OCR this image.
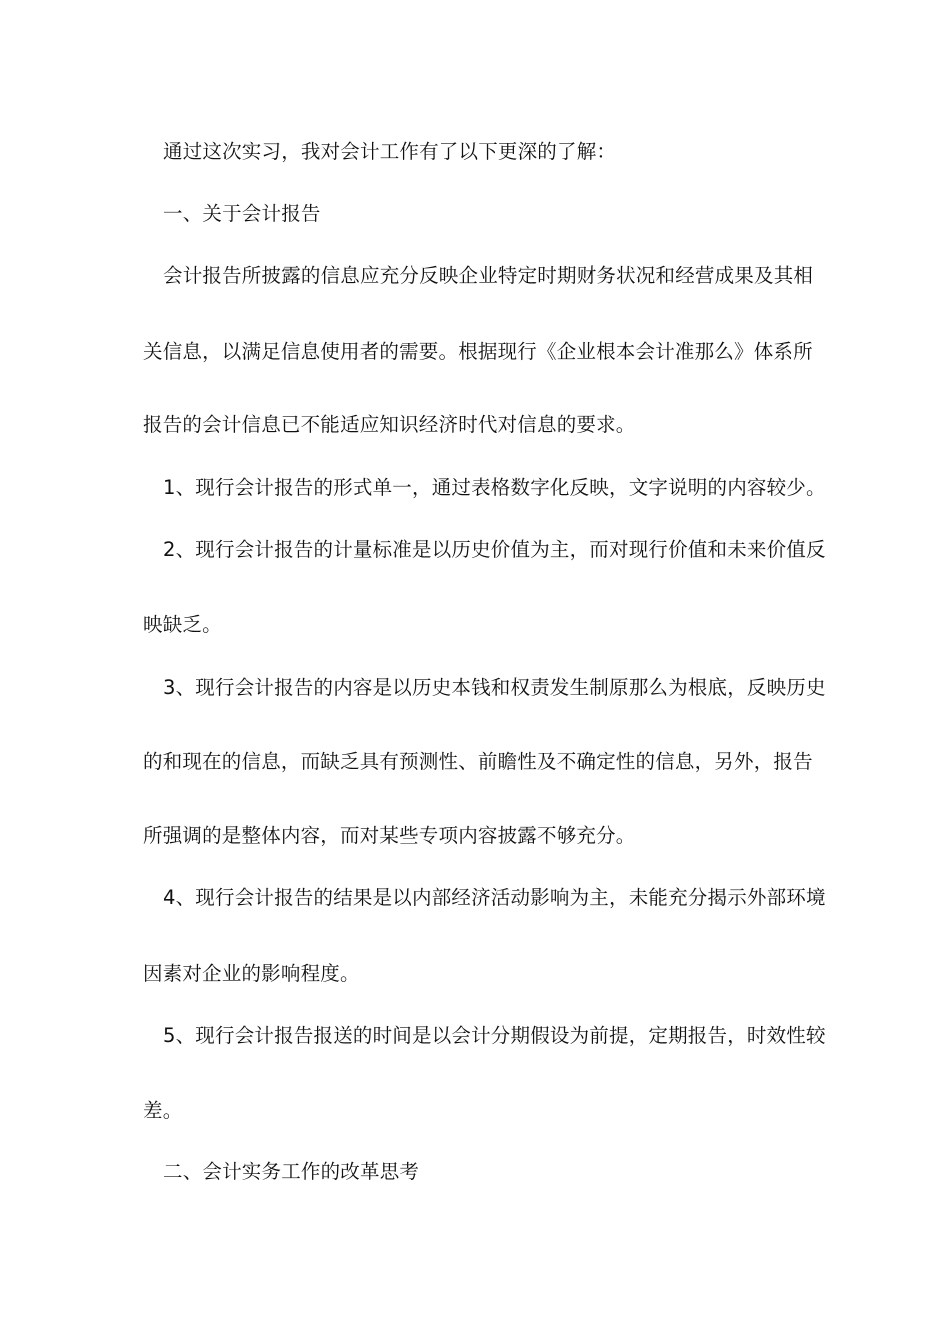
通过这次实习，我对会计工作有了以下更深的了解：
一、关于会计报告
会计报告所披露的信息应充分反映企业特定时期财务状况和经营成果及其相
关信息，以满足信息使用者的需要。根据现行《企业根本会计准那么》体系所
报告的会计信息已不能适应知识经济时代对信息的要求。
1、现行会计报告的形式单一，通过表格数字化反映，文字说明的内容较少。
2、现行会计报告的计量标准是以历史价值为主，而对现行价值和未来价值反
映缺乏。
3、现行会计报告的内容是以历史本钱和权责发生制原那么为根底，反映历史
的和现在的信息，而缺乏具有预测性、前瞻性及不确定性的信息，另外，报告
所强调的是整体内容，而对某些专项内容披露不够充分。
4、现行会计报告的结果是以内部经济活动影响为主，未能充分揭示外部环境
因素对企业的影响程度。
5、现行会计报告报送的时间是以会计分期假设为前提，定期报告，时效性较
差。
二、会计实务工作的改革思考
